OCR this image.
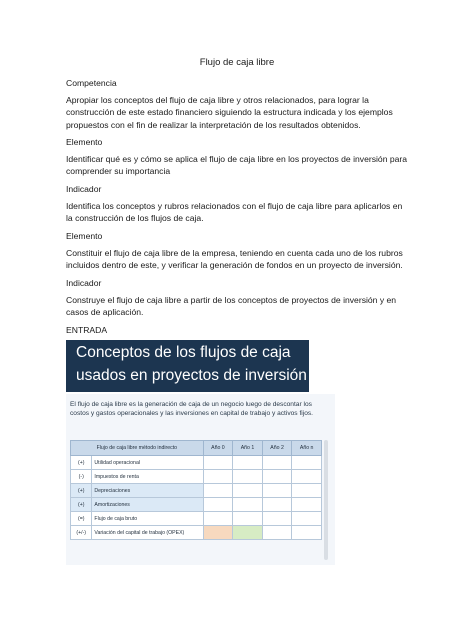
Flujo de caja libre

Competencia

Apropiar los conceptos del flujo de caja libre y otros relacionados, para lograr la construcción de este estado financiero siguiendo la estructura indicada y los ejemplos propuestos con el fin de realizar la interpretación de los resultados obtenidos.

Elemento

Identificar qué es y cómo se aplica el flujo de caja libre en los proyectos de inversión para comprender su importancia

Indicador

Identifica los conceptos y rubros relacionados con el flujo de caja libre para aplicarlos en la construcción de los flujos de caja.

Elemento

Constituir el flujo de caja libre de la empresa, teniendo en cuenta cada uno de los rubros incluidos dentro de este, y verificar la generación de fondos en un proyecto de inversión.

Indicador

Construye el flujo de caja libre a partir de los conceptos de proyectos de inversión y en casos de aplicación.

ENTRADA

Conceptos de los flujos de caja
usados en proyectos de inversión
El flujo de caja libre es la generación de caja de un negocio luego de descontar los costos y gastos operacionales y las inversiones en capital de trabajo y activos fijos.
Flujo de caja libre método indirecto		Año 0	Año 1	Año 2	Año n
(+)	Utilidad operacional				
(-)	Impuestos de renta				
(+)	Depreciaciones				
(+)	Amortizaciones				
(=)	Flujo de caja bruto				
(+/-)	Variación del capital de trabajo (OPEX)				
